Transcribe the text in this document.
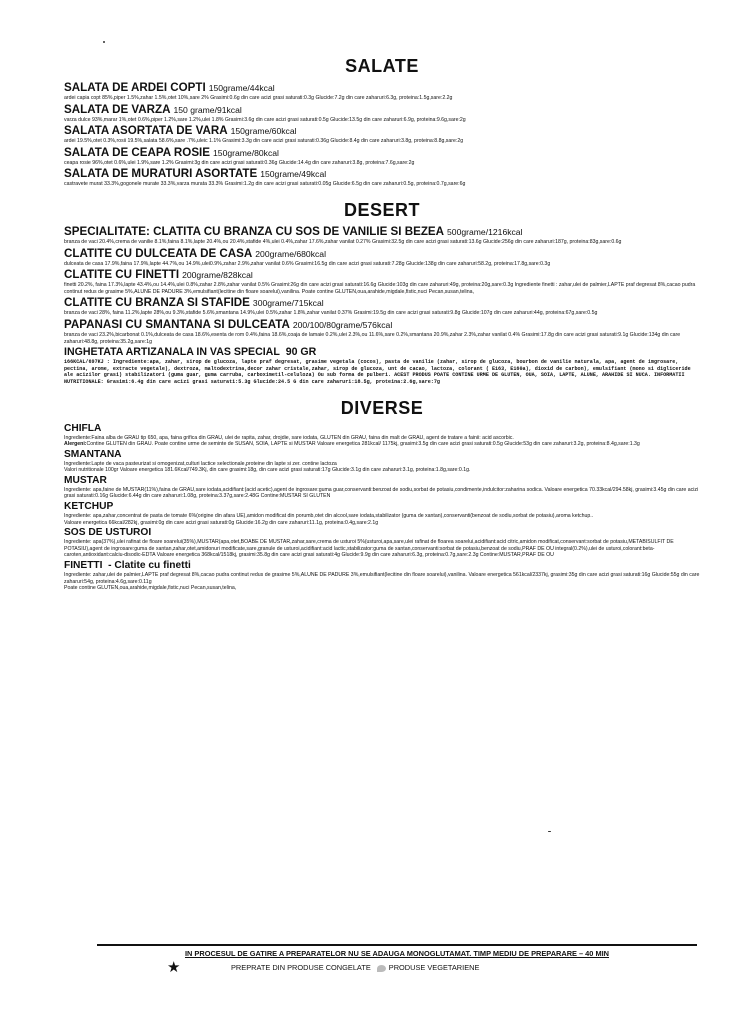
SALATE
SALATA DE ARDEI COPTI 150grame/44kcal
ardei capia copt 85%,piper 1.5%,zahar 1.5%,otet 10%,sare 2% Grasimi:0.6g din care acizi grasi saturati:0.3g Glucide:7.2g din care zaharuri:6.3g, proteina:1.5g,sare:2.2g
SALATA DE VARZA 150 grame/91kcal
varza dulce 93%,marar 1%,otet 0.6%,piper 1.2%,sare 1.2%,ulei 1.8% Grasimi:3.6g din care acizi grasi saturati:0.5g Glucide:13.5g din care zaharuri:6.9g, proteina:9.6g,sare:2g
SALATA ASORTATA DE VARA 150grame/60kcal
ardei 19.5%,otet 0.3%,rosii 19.5%,salata 58.6%,sare .7%,uleic 1.1% Grasimi:3.3g din care acizi grasi saturati:0.36g Glucide:8.4g din care zaharuri:3.8g, proteina:8.8g,sare:2g
SALATA DE CEAPA ROSIE 150grame/80kcal
ceapa rosie 96%,otet 0.6%,ulei 1.9%,sare 1.2% Grasimi:3g din care acizi grasi saturati:0.36g Glucide:14.4g din care zaharuri:3.8g, proteina:7.6g,sare:2g
SALATA DE MURATURI ASORTATE 150grame/49kcal
castravete murat 33.3%,gogonele murate 33.3%,varza murata 33.3% Grasimi:1.2g din care acizi grasi saturati:0.05g Glucide:6.5g din care zaharuri:0.5g, proteina:0.7g,sare:6g
DESERT
SPECIALITATE: CLATITA CU BRANZA CU SOS DE VANILIE SI BEZEA 500grame/1216kcal
branza de vaci 20.4%,crema de vanilie 8.1%,faina 8.1%,lapte 20.4%,ou 20.4%,stafide 4%,ulei 0.4%,zahar 17.6%,zahar vanilat 0.27% Grasimi:32.5g din care acizi grasi saturati:13.6g Glucide:256g din care zaharuri:187g, proteina:83g,sare:0.6g
CLATITE CU DULCEATA DE CASA 200grame/680kcal
dulceata de casa 17.9%,faina 17.9%,lapte 44.7%,ou 14.9%,ulei0.9%,zahar 2.9%,zahar vanilat 0.6% Grasimi:16.5g din care acizi grasi saturati:7.28g Glucide:138g din care zaharuri:58.2g, proteina:17.8g,sare:0.3g
CLATITE CU FINETTI 200grame/828kcal
finetti 20.2%, faina 17.3%,lapte 43.4%,ou 14.4%,ulei 0.8%,zahar 2.8%,zahar vanilat 0.5% Grasimi:26g din care acizi grasi saturati:16.6g Glucide:103g din care zaharuri:49g, proteina:20g,sare:0.3g Ingrediente finetti : zahar,ulei de palmier,LAPTE praf degresat 8%,cacao pudra continut redus de grasime 5%,ALUNE DE PADURE 3%,emulsifiant(lecitine din floare soarelui),vanilina. Poate contine GLUTEN,oua,arahide,migdale,fistic,nuci Pecan,susan,telina,
CLATITE CU BRANZA SI STAFIDE 300grame/715kcal
branza de vaci 28%, faina 11.2%,lapte 28%,ou 9.3%,stafide 5.6%,smantana 14.9%,ulei 0.5%,zahar 1.8%,zahar vanilat 0.37% Grasimi:19.5g din care acizi grasi saturati:9.8g Glucide:107g din care zaharuri:44g, proteina:67g,sare:0.5g
PAPANASI CU SMANTANA SI DULCEATA 200/100/80grame/576kcal
branza de vaci 23.2%,bicarbonat 0.1%,dulceata de casa 18.6%,esenta de rom 0.4%,faina 18.6%,coaja de lamaie 0.2%,ulei 2.3%,ou 11.6%,sare 0.2%,smantana 20.9%,zahar 2.3%,zahar vanilat 0.4% Grasimi:17.8g din care acizi grasi saturati:9.1g Glucide:134g din care zaharuri:48.8g, proteina:35.2g,sare:1g
INGHETATA ARTIZANALA IN VAS SPECIAL 90 GR
166KCAL/697KJ : Ingrediente:apa, zahar, sirop de glucoza, lapte praf degresat, grasime vegetala (cocos), pasta de vanilie (zahar, sirop de glucoza, bourbon de vanilie naturala, apa, agent de imgrosare, pectina, arome, extracte vegetale), dextroza, maltodextrina,decor zahar cristale,zahar, sirop de glucoza, unt de cacao, lactoza, colorant ( E163, E160a), dioxid de carbon), emulsifiant (mono si digliceride ale acizilor grasi) stabilizatori (guma guar, guma carruba, carboximetil-celuloza) Ou sub forma de pulberi. ACEST PRODUS POATE CONTINE URME DE GLUTEN, OUA, SOIA, LAPTE, ALUNE, ARAHIDE SI NUCA. INFORMATII NUTRITIONALE: Grasimi:6.4g din care acizi grasi saturati:5.3g Glucide:24.5 G din care zaharuri:18.5g, proteina:2.6g,sare:7g
DIVERSE
CHIFLA
Ingrediente:Faina alba de GRAU tip 650, apa, faina grifica din GRAU, ulei de rapita, zahar, drojdie, sare iodata, GLUTEN din GRAU, faina din malt de GRAU, agent de tratare a fainii: acid ascorbic.
Alergeni:Contine GLUTEN din GRAU. Poate contine urme de seminte de SUSAN, SOIA, LAPTE si MUSTAR Valoare energetica 281kcal/ 1175kj, grasimi:3.5g din care acizi grasi saturati:0.5g Glucide:53g din care zaharuri:3.2g, proteina:8.4g,sare:1.3g
SMANTANA
Ingrediente:Lapte de vaca pasteurizat si omogenizat,culturi lactice selectionale,proteine din lapte si zer. contine lactoza
Valori nutritionale 100gr Valoare energetica 181.6Kcal/749.3Kj, din care grasimi:18g, din care acizi grasi saturati:17g Glucide:3.1g din care zaharuri:3.1g, proteina:1.8g,sare:0.1g.
MUSTAR
Ingrediente: apa,faine de MUSTAR(11%),faina de GRAU,sare iodata,acidifiant:(acid acetic),agent de ingrosare:guma guar,conservanti:benzoat de sodiu,sorbat de potasiu,condimente,indulcitor:zaharina sodica. Valoare energetica 70.33kcal/294.58kj, grasimi:3.45g din care acizi grasi saturati:0.16g Glucide:6.44g din care zaharuri:1.08g, proteina:3.37g,sare:2.48G Contine:MUSTAR SI GLUTEN
KETCHUP
Ingrediente: apa,zahar,concentrat de pasta de tomate 6%(origine din afara UE),amidon modificat din porumb,otet din alcool,sare iodata,stabilizator (guma de xantan),conservanti(benzoat de sodiu,sorbat de potasiu),aroma ketchup..
Valoare energetica 66kcal/282kj, grasimi:0g din care acizi grasi saturati:0g Glucide:16.2g din care zaharuri:11.1g, proteina:0.4g,sare:2.1g
SOS DE USTUROI
Ingrediente: apa(37%),ulei rafinat de floare soarelui(35%),MUSTAR(apa,otet,BOABE DE MUSTAR,zahar,sare,crema de usturoi 5%(usturoi,apa,sare,ulei rafinat de floarea soarelui,acidifiant:acid citric,amidon modificat,conservant:sorbat de potasiu,METABISULFIT DE POTASIU),agent de ingrosare:guma de xantan,zahar,otet,amidonuri modificate,sare,granule de usturoi,acidifiant:acid lactic,stabilizator:guma de xantan,conservanti:sorbat de potasiu,benzoat de sodiu,PRAF DE OU integral(0.2%),ulei de usturoi,colorant:beta-caroten,antioxidant:calciu-disodic-EDTA Valoare energetica 368kcal/1518kj, grasimi:35.8g din care acizi grasi saturati:4g Glucide:9.9g din care zaharuri:6.3g, proteina:0.7g,sare:2.3g Contine:MUSTAR,PRAF DE OU
FINETTI - Clatite cu finetti
Ingrediente: zahar,ulei de palmier,LAPTE praf degresat 8%,cacao pudra continut redus de grasime 5%,ALUNE DE PADURE 3%,emulsifiant(lecitine din floare soarelui),vanilina. Valoare energetica 561kcal/2337kj, grasimi:35g din care acizi grasi saturati:16g Glucide:55g din care zaharuri:54g, proteina:4.6g,sare:0.11g
Poate contine GLUTEN,oua,arahide,migdale,fistic,nuci Pecan,susan,telina,
IN PROCESUL DE GATIRE A PREPARATELOR NU SE ADAUGA MONOGLUTAMAT. TIMP MEDIU DE PREPARARE – 40 MIN
★	PREPRATE DIN PRODUSE CONGELATE PRODUSE VEGETARIENE
